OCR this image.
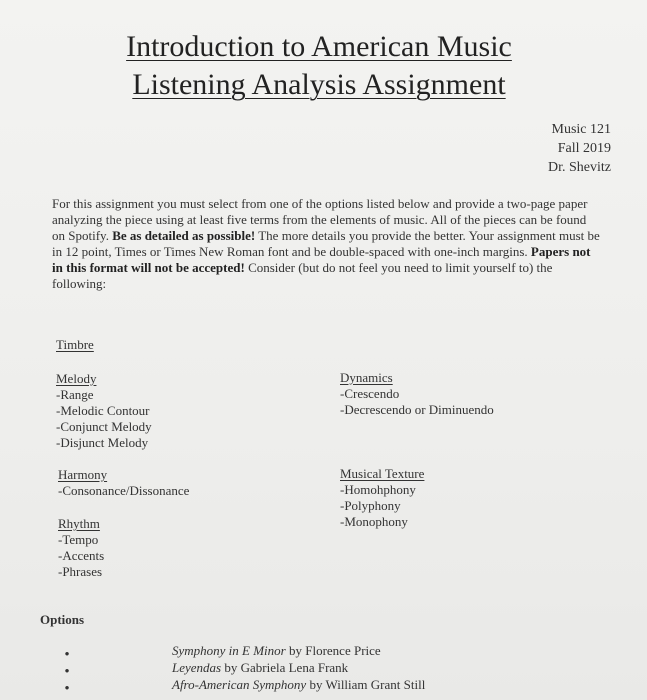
Introduction to American Music
Listening Analysis Assignment
Music 121
Fall 2019
Dr. Shevitz
For this assignment you must select from one of the options listed below and provide a two-page paper analyzing the piece using at least five terms from the elements of music. All of the pieces can be found on Spotify. Be as detailed as possible! The more details you provide the better. Your assignment must be in 12 point, Times or Times New Roman font and be double-spaced with one-inch margins. Papers not in this format will not be accepted! Consider (but do not feel you need to limit yourself to) the following:
Timbre
Melody
-Range
-Melodic Contour
-Conjunct Melody
-Disjunct Melody
Dynamics
-Crescendo
-Decrescendo or Diminuendo
Harmony
-Consonance/Dissonance
Musical Texture
-Homohphony
-Polyphony
-Monophony
Rhythm
-Tempo
-Accents
-Phrases
Options
•	Symphony in E Minor by Florence Price
•	Leyendas by Gabriela Lena Frank
•	Afro-American Symphony by William Grant Still
